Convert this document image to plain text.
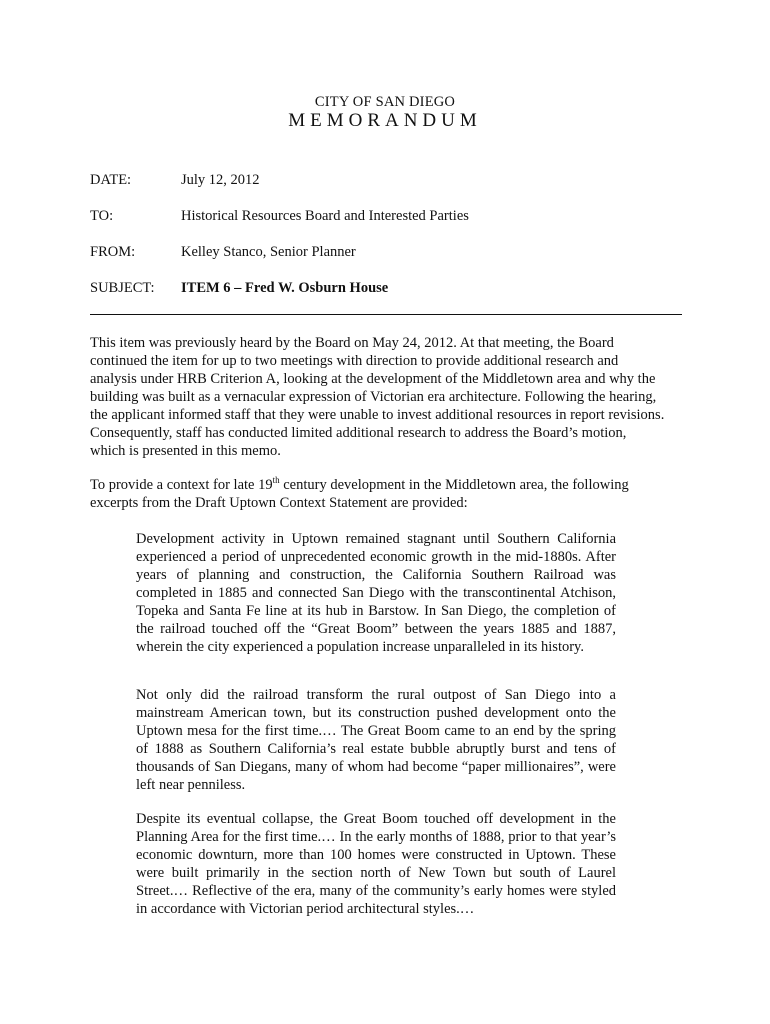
CITY OF SAN DIEGO
MEMORANDUM
DATE:	July 12, 2012
TO:	Historical Resources Board and Interested Parties
FROM:	Kelley Stanco, Senior Planner
SUBJECT: ITEM 6 – Fred W. Osburn House

This item was previously heard by the Board on May 24, 2012. At that meeting, the Board continued the item for up to two meetings with direction to provide additional research and analysis under HRB Criterion A, looking at the development of the Middletown area and why the building was built as a vernacular expression of Victorian era architecture. Following the hearing, the applicant informed staff that they were unable to invest additional resources in report revisions. Consequently, staff has conducted limited additional research to address the Board’s motion, which is presented in this memo.

To provide a context for late 19th century development in the Middletown area, the following excerpts from the Draft Uptown Context Statement are provided:

Development activity in Uptown remained stagnant until Southern California experienced a period of unprecedented economic growth in the mid-1880s. After years of planning and construction, the California Southern Railroad was completed in 1885 and connected San Diego with the transcontinental Atchison, Topeka and Santa Fe line at its hub in Barstow. In San Diego, the completion of the railroad touched off the “Great Boom” between the years 1885 and 1887, wherein the city experienced a population increase unparalleled in its history.

Not only did the railroad transform the rural outpost of San Diego into a mainstream American town, but its construction pushed development onto the Uptown mesa for the first time.… The Great Boom came to an end by the spring of 1888 as Southern California’s real estate bubble abruptly burst and tens of thousands of San Diegans, many of whom had become “paper millionaires”, were left near penniless.

Despite its eventual collapse, the Great Boom touched off development in the Planning Area for the first time.… In the early months of 1888, prior to that year’s economic downturn, more than 100 homes were constructed in Uptown. These were built primarily in the section north of New Town but south of Laurel Street.… Reflective of the era, many of the community’s early homes were styled in accordance with Victorian period architectural styles.…
